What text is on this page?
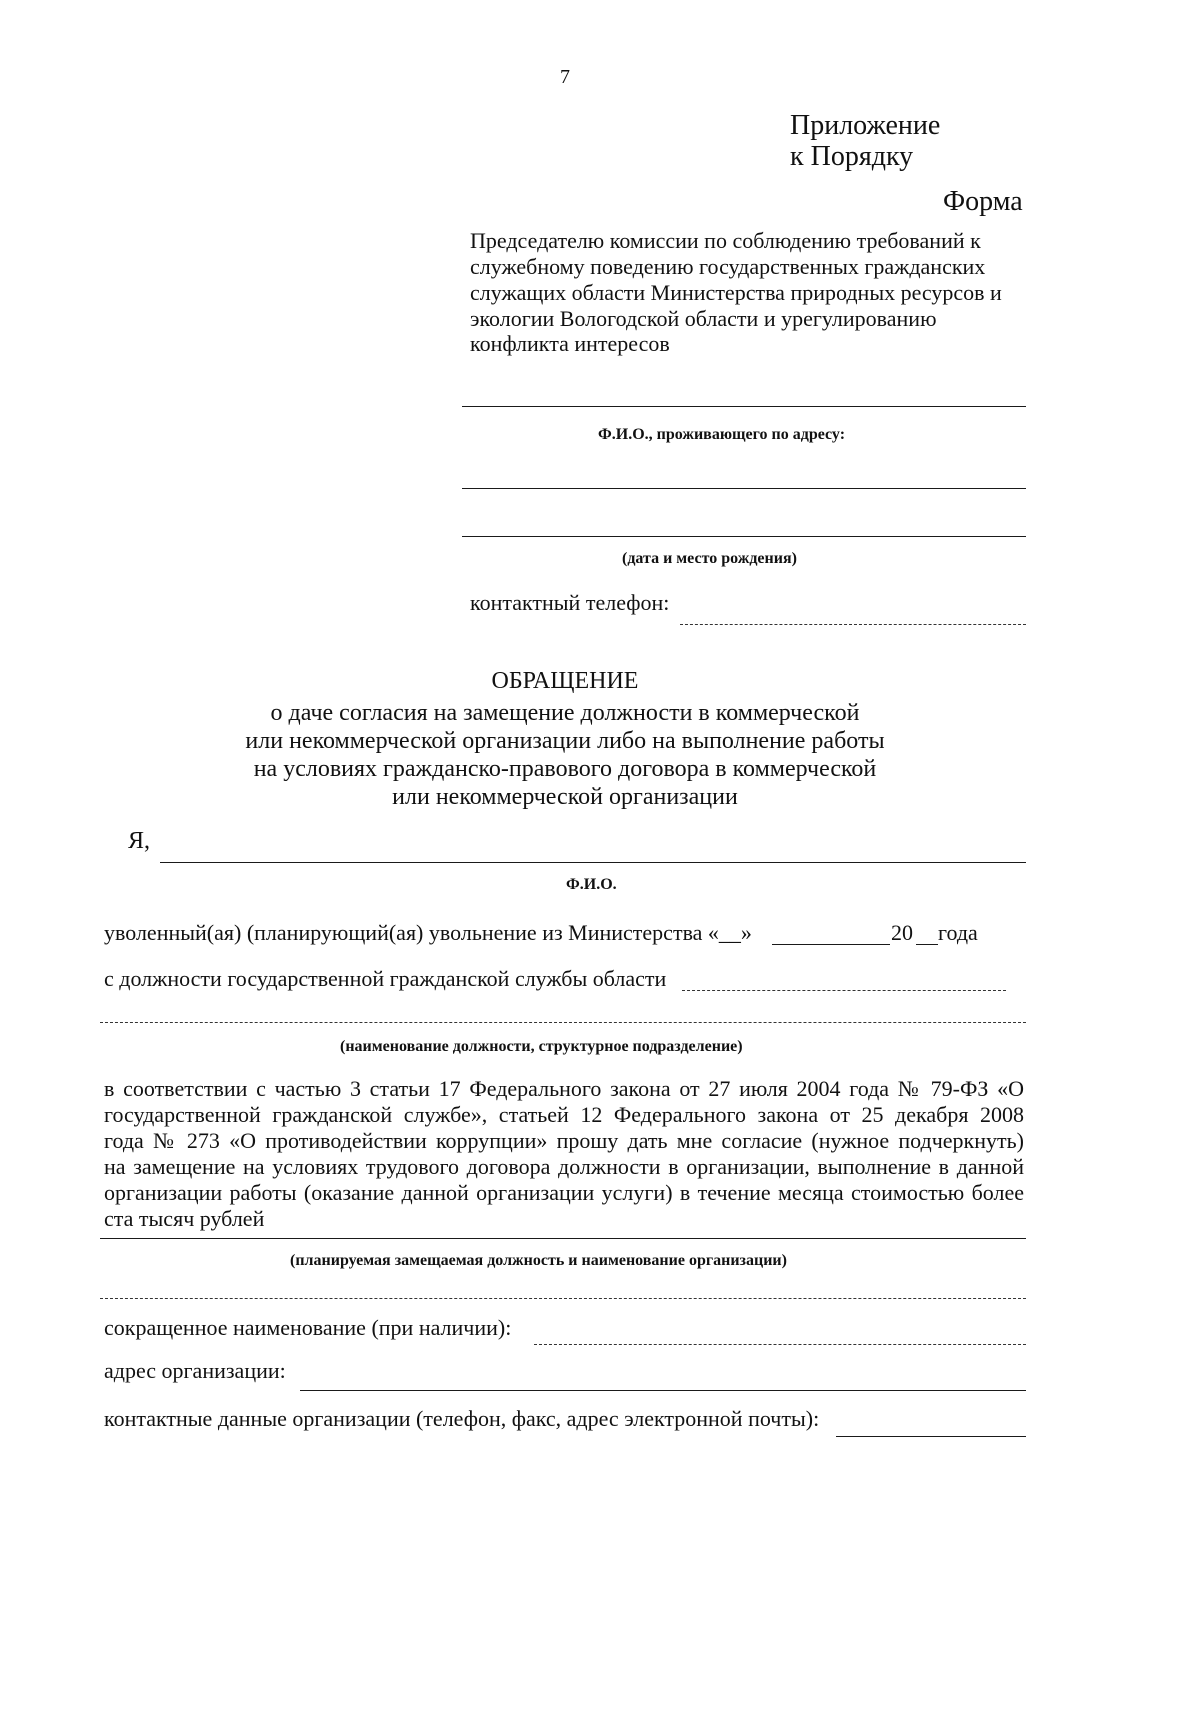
7
Приложение
к Порядку
Форма
Председателю комиссии по соблюдению требований к
служебному поведению государственных гражданских
служащих области Министерства природных ресурсов и
экологии Вологодской области и урегулированию
конфликта интересов
Ф.И.О., проживающего по адресу:
(дата и место рождения)
контактный телефон:
ОБРАЩЕНИЕ
о даче согласия на замещение должности в коммерческой
или некоммерческой организации либо на выполнение работы
на условиях гражданско-правового договора в коммерческой
или некоммерческой организации
Я,
Ф.И.О.
уволенный(ая) (планирующий(ая) увольнение из Министерства «__»	20 года
с должности государственной гражданской службы области
(наименование должности, структурное подразделение)
в соответствии с частью 3 статьи 17 Федерального закона от 27 июля 2004 года № 79-ФЗ «О
государственной гражданской службе», статьей 12 Федерального закона от 25 декабря 2008
года № 273 «О противодействии коррупции» прошу дать мне согласие (нужное подчеркнуть)
на замещение на условиях трудового договора должности в организации, выполнение в данной
организации работы (оказание данной организации услуги) в течение месяца стоимостью более
ста тысяч рублей
(планируемая замещаемая должность и наименование организации)
сокращенное наименование (при наличии):
адрес организации:
контактные данные организации (телефон, факс, адрес электронной почты):
